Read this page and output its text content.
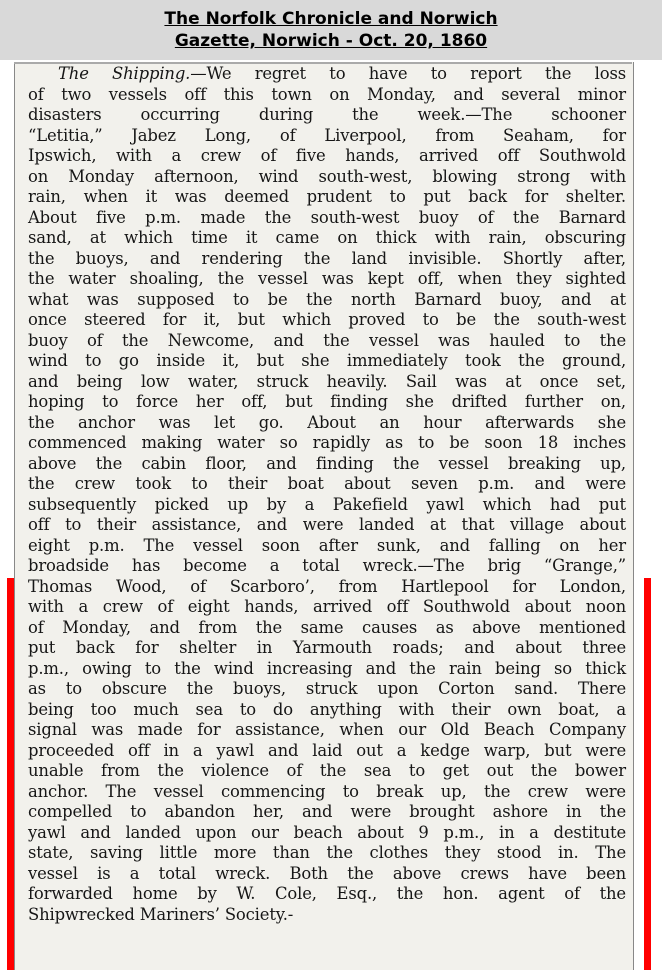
The Norfolk Chronicle and Norwich
Gazette, Norwich - Oct. 20, 1860
The Shipping.—We regret to have to report the loss
of two vessels off this town on Monday, and several minor
disasters occurring during the week.—The schooner
“Letitia,” Jabez Long, of Liverpool, from Seaham, for
Ipswich, with a crew of five hands, arrived off Southwold
on Monday afternoon, wind south-west, blowing strong with
rain, when it was deemed prudent to put back for shelter.
About five p.m. made the south-west buoy of the Barnard
sand, at which time it came on thick with rain, obscuring
the buoys, and rendering the land invisible. Shortly after,
the water shoaling, the vessel was kept off, when they sighted
what was supposed to be the north Barnard buoy, and at
once steered for it, but which proved to be the south-west
buoy of the Newcome, and the vessel was hauled to the
wind to go inside it, but she immediately took the ground,
and being low water, struck heavily. Sail was at once set,
hoping to force her off, but finding she drifted further on,
the anchor was let go. About an hour afterwards she
commenced making water so rapidly as to be soon 18 inches
above the cabin floor, and finding the vessel breaking up,
the crew took to their boat about seven p.m. and were
subsequently picked up by a Pakefield yawl which had put
off to their assistance, and were landed at that village about
eight p.m. The vessel soon after sunk, and falling on her
broadside has become a total wreck.—The brig “Grange,”
Thomas Wood, of Scarboro’, from Hartlepool for London,
with a crew of eight hands, arrived off Southwold about noon
of Monday, and from the same causes as above mentioned
put back for shelter in Yarmouth roads; and about three
p.m., owing to the wind increasing and the rain being so thick
as to obscure the buoys, struck upon Corton sand. There
being too much sea to do anything with their own boat, a
signal was made for assistance, when our Old Beach Company
proceeded off in a yawl and laid out a kedge warp, but were
unable from the violence of the sea to get out the bower
anchor. The vessel commencing to break up, the crew were
compelled to abandon her, and were brought ashore in the
yawl and landed upon our beach about 9 p.m., in a destitute
state, saving little more than the clothes they stood in. The
vessel is a total wreck. Both the above crews have been
forwarded home by W. Cole, Esq., the hon. agent of the
Shipwrecked Mariners’ Society.-
